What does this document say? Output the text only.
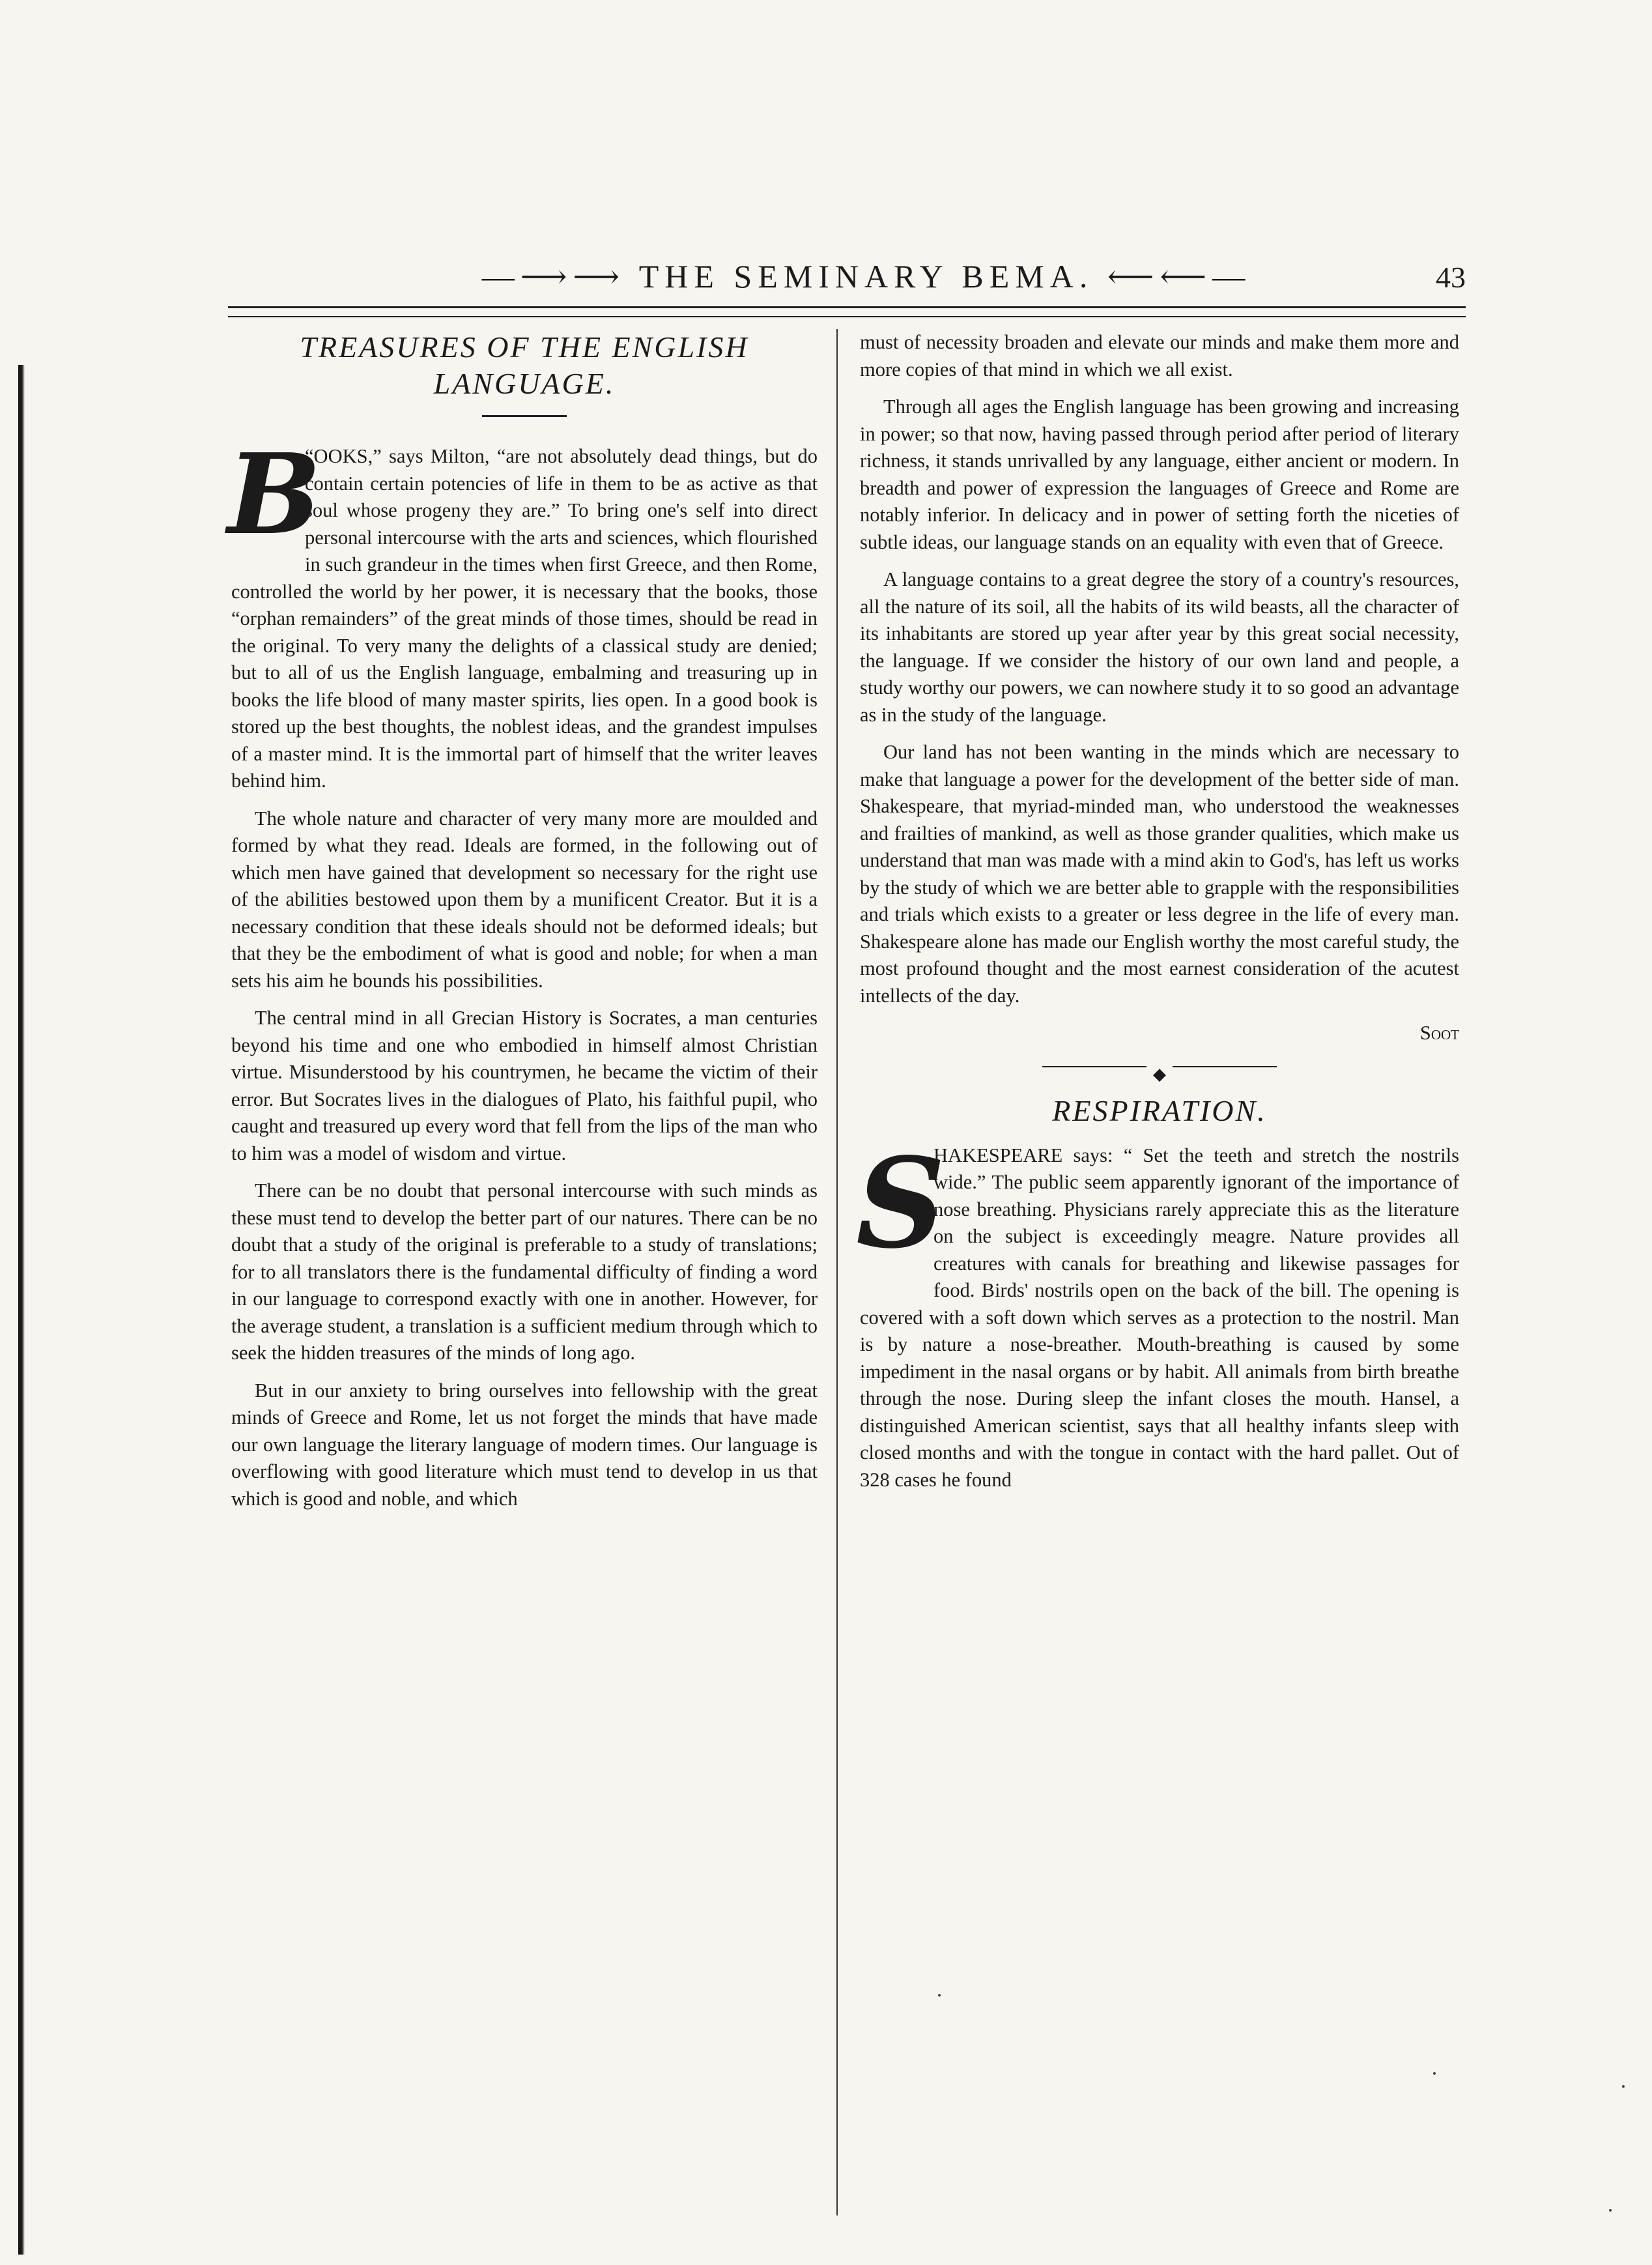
—⟶⟶ THE SEMINARY BEMA. ⟵⟵—	43
TREASURES OF THE ENGLISH LANGUAGE.

B
“OOKS,” says Milton, “are not absolutely dead things, but do contain certain potencies of life in them to be as active as that soul whose progeny they are.” To bring one's self into direct personal intercourse with the arts and sciences, which flourished in such grandeur in the times when first Greece, and then Rome, controlled the world by her power, it is necessary that the books, those “orphan remainders” of the great minds of those times, should be read in the original. To very many the delights of a classical study are denied; but to all of us the English language, embalming and treasuring up in books the life blood of many master spirits, lies open. In a good book is stored up the best thoughts, the noblest ideas, and the grandest impulses of a master mind. It is the immortal part of himself that the writer leaves behind him.

The whole nature and character of very many more are moulded and formed by what they read. Ideals are formed, in the following out of which men have gained that development so necessary for the right use of the abilities bestowed upon them by a munificent Creator. But it is a necessary condition that these ideals should not be deformed ideals; but that they be the embodiment of what is good and noble; for when a man sets his aim he bounds his possibilities.

The central mind in all Grecian History is Socrates, a man centuries beyond his time and one who embodied in himself almost Christian virtue. Misunderstood by his countrymen, he became the victim of their error. But Socrates lives in the dialogues of Plato, his faithful pupil, who caught and treasured up every word that fell from the lips of the man who to him was a model of wisdom and virtue.

There can be no doubt that personal intercourse with such minds as these must tend to develop the better part of our natures. There can be no doubt that a study of the original is preferable to a study of translations; for to all translators there is the fundamental difficulty of finding a word in our language to correspond exactly with one in another. However, for the average student, a translation is a sufficient medium through which to seek the hidden treasures of the minds of long ago.

But in our anxiety to bring ourselves into fellowship with the great minds of Greece and Rome, let us not forget the minds that have made our own language the literary language of modern times. Our language is overflowing with good literature which must tend to develop in us that which is good and noble, and which

must of necessity broaden and elevate our minds and make them more and more copies of that mind in which we all exist.

Through all ages the English language has been growing and increasing in power; so that now, having passed through period after period of literary richness, it stands unrivalled by any language, either ancient or modern. In breadth and power of expression the languages of Greece and Rome are notably inferior. In delicacy and in power of setting forth the niceties of subtle ideas, our language stands on an equality with even that of Greece.

A language contains to a great degree the story of a country's resources, all the nature of its soil, all the habits of its wild beasts, all the character of its inhabitants are stored up year after year by this great social necessity, the language. If we consider the history of our own land and people, a study worthy our powers, we can nowhere study it to so good an advantage as in the study of the language.

Our land has not been wanting in the minds which are necessary to make that language a power for the development of the better side of man. Shakespeare, that myriad-minded man, who understood the weaknesses and frailties of mankind, as well as those grander qualities, which make us understand that man was made with a mind akin to God's, has left us works by the study of which we are better able to grapple with the responsibilities and trials which exists to a greater or less degree in the life of every man. Shakespeare alone has made our English worthy the most careful study, the most profound thought and the most earnest consideration of the acutest intellects of the day.

Soot

◆
RESPIRATION.

S
HAKESPEARE says: “ Set the teeth and stretch the nostrils wide.” The public seem apparently ignorant of the importance of nose breathing. Physicians rarely appreciate this as the literature on the subject is exceedingly meagre. Nature provides all creatures with canals for breathing and likewise passages for food. Birds' nostrils open on the back of the bill. The opening is covered with a soft down which serves as a protection to the nostril. Man is by nature a nose-breather. Mouth-breathing is caused by some impediment in the nasal organs or by habit. All animals from birth breathe through the nose. During sleep the infant closes the mouth. Hansel, a distinguished American scientist, says that all healthy infants sleep with closed months and with the tongue in contact with the hard pallet. Out of 328 cases he found
